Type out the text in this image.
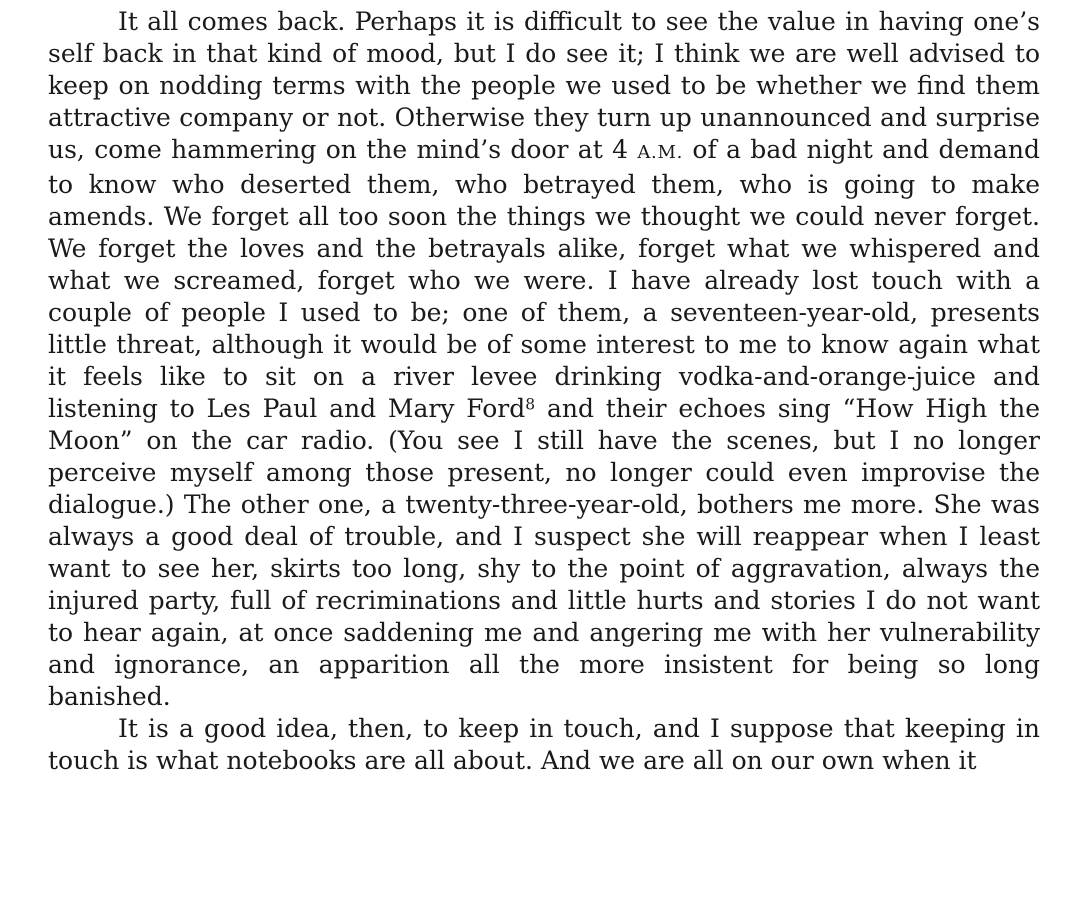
It all comes back. Perhaps it is difficult to see the value in having one’s self back in that kind of mood, but I do see it; I think we are well advised to keep on nodding terms with the people we used to be whether we find them attractive company or not. Otherwise they turn up unannounced and surprise us, come hammering on the mind’s door at 4 A.M. of a bad night and demand to know who deserted them, who betrayed them, who is going to make amends. We forget all too soon the things we thought we could never forget. We forget the loves and the betrayals alike, forget what we whispered and what we screamed, forget who we were. I have already lost touch with a couple of people I used to be; one of them, a seventeen-year-old, presents little threat, although it would be of some interest to me to know again what it feels like to sit on a river levee drinking vodka-and-orange-juice and listening to Les Paul and Mary Ford$^8$ and their echoes sing “How High the Moon” on the car radio. (You see I still have the scenes, but I no longer perceive myself among those present, no longer could even improvise the dialogue.) The other one, a twenty-three-year-old, bothers me more. She was always a good deal of trouble, and I suspect she will reappear when I least want to see her, skirts too long, shy to the point of aggravation, always the injured party, full of recriminations and little hurts and stories I do not want to hear again, at once saddening me and angering me with her vulnerability and ignorance, an apparition all the more insistent for being so long banished.

It is a good idea, then, to keep in touch, and I suppose that keeping in touch is what notebooks are all about. And we are all on our own when it
